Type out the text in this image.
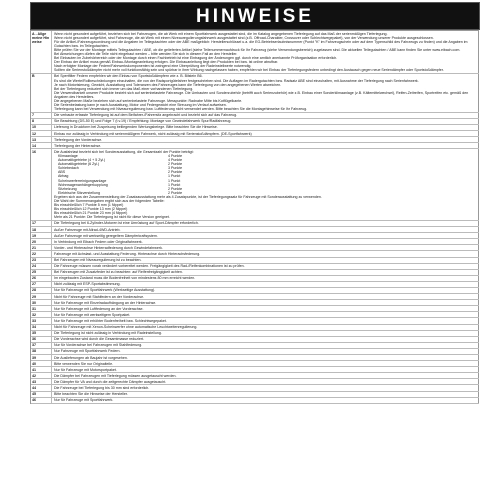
HINWEISE
A - Allge meine Hin weise

Wenn nicht gesondert aufgeführt, beziehen sich bei Fahrzeugen, die ab Werk mit einem Sportfahrwerk ausgestattet sind, die im Katalog angegebenen Tieferlegung auf das Maß der serienmäßigen Tieferlegung.

Wenn nicht gesondert aufgeführt, sind Fahrzeuge, die ab Werk mit einem Niveauregulierungsfahrwerk ausgestattet sind (z.B. Offroad-Charakter, Crossover oder Schlechtwegepaket), von der Verwendung unserer Produkte ausgeschlossen.

Für die Artikel-/Fahrzeugzuordnung und die Angaben im Teilegutachten oder der ABE maßgeblich: Herstellerschlüssel u.a. die EG-Betriebserlaubnisnummer (Punkt "K" im Fahrzeugschein oder auf dem Typenschild des Fahrzeugs zu finden) und die Angaben im Gutachten bzw. im Teilegutachten.

Bitte prüfen Sie vor der Montage mittels Teilegutachten / ABE, ob die gelieferten Artikel (siehe Teilenummernaufdruck für Ihr Fahrzeug (siehe Verwendungsbereich) zugelassen sind. Die aktuellen Teilegutachten / ABE kann finden Sie unter www.eibach.com.

Bei Abweichungen dürfen die Teile nicht eingebaut werden – bitte wenden Sie sich in diesem Fall an den Hersteller.

Bei Einbauten im Zubehörbereich oder der Montage durch einen Fachbetrieb ist eine Eintragung der Änderungen ggf. durch eine amtlich anerkannte Prüforganisation erforderlich.

Der Einbau der Artikel muss gemäß Einbau-/Montageanleitung erfolgen. Die Einbauanleitung liegt den Produkten bei bzw. ist online abrufbar.

Nach erfolgter Montage der Federn/Fahrwerkskomponenten ist zwingend eine Überprüfung der Radeinstellwerte notwendig.

Sollten die Serienstoßdämpfer nicht mehr voll funktionsfähig sein und spürbar in ihrer Wirkung nachgelassen haben, empfehlen wir bei Einbau der Tieferlegungsfedern unbedingt den Austausch gegen neue Seriendämpfer oder Sportstoßdämpfer.

B	Bei Spertfilter Federn empfehlen wir den Einbau von Sportstoßdämpfern wie z. B. Bilstein B6.

Es sind die Werte/Rollbeschränkungen einzuhalten, die von der Radsportgütefahrer festgeschrieben sind. Die Auflagen im Radergutachten bzw. Radsatz ABE sind einzuhalten, mit Ausnahme der Tieferlegung nach Serienfahrwerk.

Je nach Motorisierung, Gewicht, Ausstattung und Toleranzen des Fahrzeuges kann die Tieferlegung von den angegebenen Werten abweichen.

Bei der Tieferlegung reduziert sich immer um das Maß einer vorhandenen Tieferlegung.

Die Verwendbarkeit unserer Produkte bezieht sich auf serienbelastete Fahrzeuge. Die Umbauten und Sonderzubehör (betrifft auch Serienzubehör) wie z.B. Einbau einer Sonderklimaanlage (z.B. Kältemittelwechsel), Reifen-Zeitreifen, Sportreifen etc. gemäß den Angaben des Herstellers.

Die angegebenen Maße beziehen sich auf serienbelastete Fahrzeuge. Messpunkte: Radnabe Mitte bis Kotflügelkante.

Die Serienbelastung kann je nach Ausstattung, Motor und Federgewicht eine Streuung im Verlauf aufweisen.

Tieferlegung kann bei Verwendung mit Niveauregulierung bzw. Luftfederung nicht verwendet werden. Bitte beachten Sie die Montagehinweise für Ihr Fahrzeug.

7	Die verbaute erfasste Tieferlegung ist auf dem Beifahrer-/Fahrersitz angebracht und bezieht sich auf das Fahrzeug.

8	Sie Beachtung (DS-50 E) und Folge 7 (t.v.19) / Empfehlung: Montage von Gewindefahrwerk Spur/Radfahrzeug.

10	Lieferung in Druckform bei Zuspeisung beiliegenden Wertungsbelege. Bitte beachten Sie die Hinweise.

12	Einbau nur zulässig in Verbindung mit serienmäßigem Fahrwerk, nicht zulässig mit Serienstoßdämpfern. (DE-Sportfahrwerk)

13	Tieferlegung der Vorderachse.

14	Tieferlegung der Hinterachse.

16	Die Ausfahrlast bezieht sich bei Sonderausstattung, die Gesamtzahl der Punkte beträgt:

Klimaanlage	4 Punkte
Automatikgetriebe (4 + 5 Zyl.)	4 Punkte
Automatikgetriebe (6 Zyl.)	2 Punkte
Schiebedach	3 Punkte
ABS	2 Punkte
Airbag	1 Punkt
Scheinwerferreinigungsanlage	1 Punkt
Wohnwagenanhängerkupplung	1 Punkt
Sitzheizung	2 Punkte
Elektrische Sitzverstellung	2 Punkte

Ergeben sich aus der Zusammenstellung der Zusatzausstattung mehr als 4 Zusatzpunkte, ist der Tieferlegungssatz für Fahrzeuge mit Sonderausstattung zu verwenden.

Die Wahl der Summenangaben ergibt sich aus der folgenden Tabelle:

Bis einschließlich 7 Punkte 5 mm (1 Nippel)

Bis einschließlich 12 Punkte 13 mm (2 Nippel)

Bis einschließlich 21 Punkte 23 mm (4 Nippel)

Mehr als 21 Punkte: Die Tieferlegung ist nicht für diese Version geeignet.

17	Die Tieferlegung bei 6-Zylinder-Motoren ist eine Umrüstung auf Sport-Dämpfer erforderlich.

18	Außer Fahrzeuge mit Allrad-4WD-Antrieb.

19	Außer Fahrzeuge mit werkseitig geregeltem Dämpferkraftsystem.

20	In Verbindung mit Eibach Federn oder Originalfahrwerk.

21	Vorder- und Hinterachse Hinterradfederung durch Gewindefahrwerk.

22	Fahrzeuge mit Achslast- und Ausstattung Federung. Hinterachse durch Hinterachsfederung.

23	Bei Fahrzeugen mit Niveauregulierung ist zu beachten.

24	Die Fahrzeuge müssen vorab verändert vorbereitet werden. Freigängigkeit des Rad-/Reifenkombinationen ist zu prüfen.

25	Bei Fahrzeugen mit Zusatzfeder ist zu beachten: auf Reifenfreigängigkeit achten.

26	Im eingebauten Zustand muss die Bodenfreiheit von mindestens 80 mm erreicht werden.

27	Nicht zulässig mit ESP-Sportabstimmung.

28	Nur für Fahrzeuge mit Sportfahrwerk (Werkseitige Ausstattung).

29	Nicht für Fahrzeuge mit Stahlfedern an der Vorderachse.

30	Nur für Fahrzeuge mit Einzelradaufhängung an der Hinterachse.

31	Nur für Fahrzeuge mit Luftfederung an der Vorderachse.

32	Nur für Fahrzeuge mit werkseitigem Sportpaket.

33	Nur für Fahrzeuge mit erhöhter Bodenfreiheit bzw. Schlechtwegepaket.

34	Nicht für Fahrzeuge mit Xenon-Scheinwerfer ohne automatische Leuchtweitenregulierung.

35	Die Tieferlegung ist nicht zulässig in Verbindung mit Radeinstellung.

36	Die Vorderachse wird durch die Gesamtmasse reduziert.

37	Nur für Vorderachse bei Fahrzeugen mit Stahlfederung.

38	Nur Fahrzeuge mit Sportfahrwerk Federn.

39	Die Auslieferungen ab Baujahr ist vorgesehen.

40	Bitte verwenden Sie nur Originalteile.

41	Nur für Fahrzeuge mit Motorsportpaket.

42	Die Dämpfer bei Fahrzeugen mit Tieferlegung müssen ausgetauscht werden.

43	Die Dämpfer für VA und durch die zeitgerechte Dämpfer ausgetauscht.

44	Die Fahrzeuge bei Tieferlegung bis 30 mm sind erforderlich.

45	Bitte beachten Sie die Hinweise der Hersteller.

46	Nur für Fahrzeuge mit Sportfahrwerk.
